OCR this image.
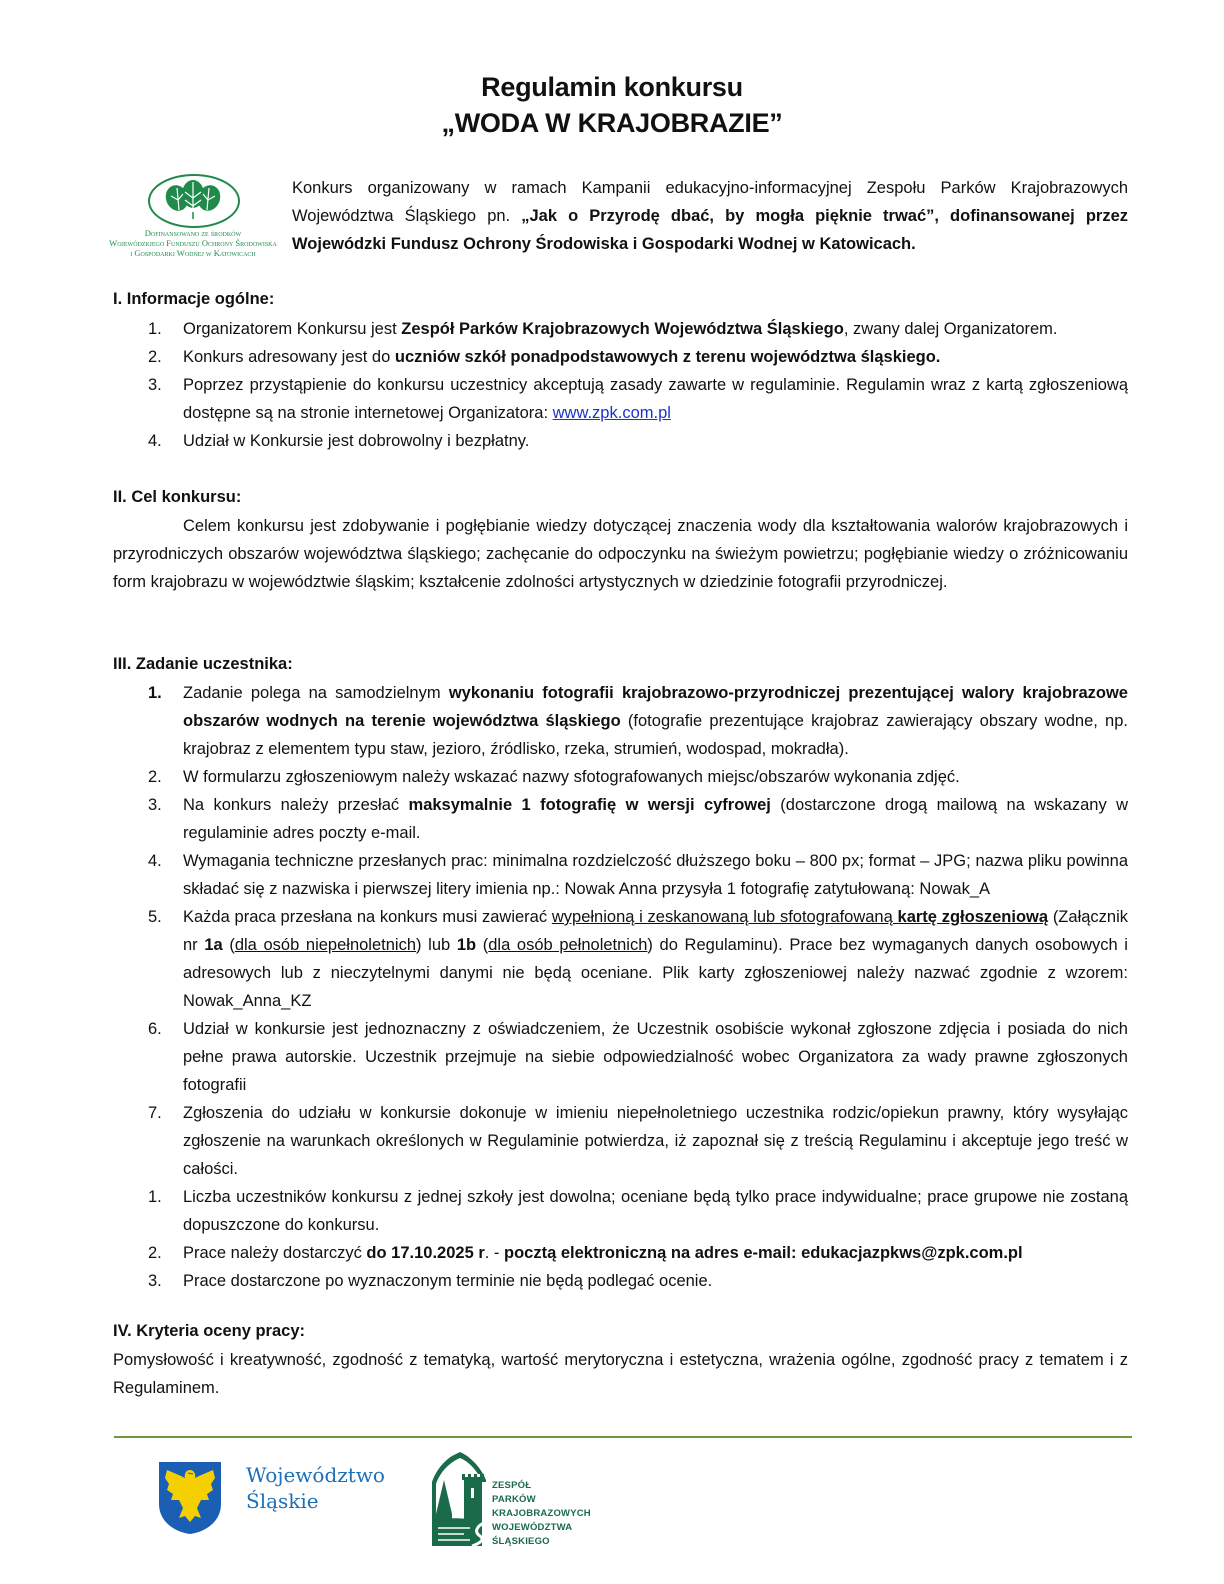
Regulamin konkursu
„WODA W KRAJOBRAZIE”
Dofinansowano ze środków
Wojewódzkiego Funduszu Ochrony Środowiska
i Gospodarki Wodnej w Katowicach
Konkurs organizowany w ramach Kampanii edukacyjno-informacyjnej Zespołu Parków Krajobrazowych Województwa Śląskiego pn. „Jak o Przyrodę dbać, by mogła pięknie trwać”, dofinansowanej przez Wojewódzki Fundusz Ochrony Środowiska i Gospodarki Wodnej w Katowicach.
I. Informacje ogólne:
1. Organizatorem Konkursu jest Zespół Parków Krajobrazowych Województwa Śląskiego, zwany dalej Organizatorem.
2. Konkurs adresowany jest do uczniów szkół ponadpodstawowych z terenu województwa śląskiego.
3. Poprzez przystąpienie do konkursu uczestnicy akceptują zasady zawarte w regulaminie. Regulamin wraz z kartą zgłoszeniową dostępne są na stronie internetowej Organizatora: www.zpk.com.pl
4. Udział w Konkursie jest dobrowolny i bezpłatny.
II. Cel konkursu:
Celem konkursu jest zdobywanie i pogłębianie wiedzy dotyczącej znaczenia wody dla kształtowania walorów krajobrazowych i przyrodniczych obszarów województwa śląskiego; zachęcanie do odpoczynku na świeżym powietrzu; pogłębianie wiedzy o zróżnicowaniu form krajobrazu w województwie śląskim; kształcenie zdolności artystycznych w dziedzinie fotografii przyrodniczej.
III. Zadanie uczestnika:
1. Zadanie polega na samodzielnym wykonaniu fotografii krajobrazowo-przyrodniczej prezentującej walory krajobrazowe obszarów wodnych na terenie województwa śląskiego (fotografie prezentujące krajobraz zawierający obszary wodne, np. krajobraz z elementem typu staw, jezioro, źródlisko, rzeka, strumień, wodospad, mokradła).
2. W formularzu zgłoszeniowym należy wskazać nazwy sfotografowanych miejsc/obszarów wykonania zdjęć.
3. Na konkurs należy przesłać maksymalnie 1 fotografię w wersji cyfrowej (dostarczone drogą mailową na wskazany w regulaminie adres poczty e-mail.
4. Wymagania techniczne przesłanych prac: minimalna rozdzielczość dłuższego boku – 800 px; format – JPG; nazwa pliku powinna składać się z nazwiska i pierwszej litery imienia np.: Nowak Anna przysyła 1 fotografię zatytułowaną: Nowak_A
5. Każda praca przesłana na konkurs musi zawierać wypełnioną i zeskanowaną lub sfotografowaną kartę zgłoszeniową (Załącznik nr 1a (dla osób niepełnoletnich) lub 1b (dla osób pełnoletnich) do Regulaminu). Prace bez wymaganych danych osobowych i adresowych lub z nieczytelnymi danymi nie będą oceniane. Plik karty zgłoszeniowej należy nazwać zgodnie z wzorem: Nowak_Anna_KZ
6. Udział w konkursie jest jednoznaczny z oświadczeniem, że Uczestnik osobiście wykonał zgłoszone zdjęcia i posiada do nich pełne prawa autorskie. Uczestnik przejmuje na siebie odpowiedzialność wobec Organizatora za wady prawne zgłoszonych fotografii
7. Zgłoszenia do udziału w konkursie dokonuje w imieniu niepełnoletniego uczestnika rodzic/opiekun prawny, który wysyłając zgłoszenie na warunkach określonych w Regulaminie potwierdza, iż zapoznał się z treścią Regulaminu i akceptuje jego treść w całości.
1. Liczba uczestników konkursu z jednej szkoły jest dowolna; oceniane będą tylko prace indywidualne; prace grupowe nie zostaną dopuszczone do konkursu.
2. Prace należy dostarczyć do 17.10.2025 r. - pocztą elektroniczną na adres e-mail: edukacjazpkws@zpk.com.pl
3. Prace dostarczone po wyznaczonym terminie nie będą podlegać ocenie.
IV. Kryteria oceny pracy:
Pomysłowość i kreatywność, zgodność z tematyką, wartość merytoryczna i estetyczna, wrażenia ogólne, zgodność pracy z tematem i z Regulaminem.
Województwo
Śląskie
ZESPÓŁ
PARKÓW
KRAJOBRAZOWYCH
WOJEWÓDZTWA
ŚLĄSKIEGO
